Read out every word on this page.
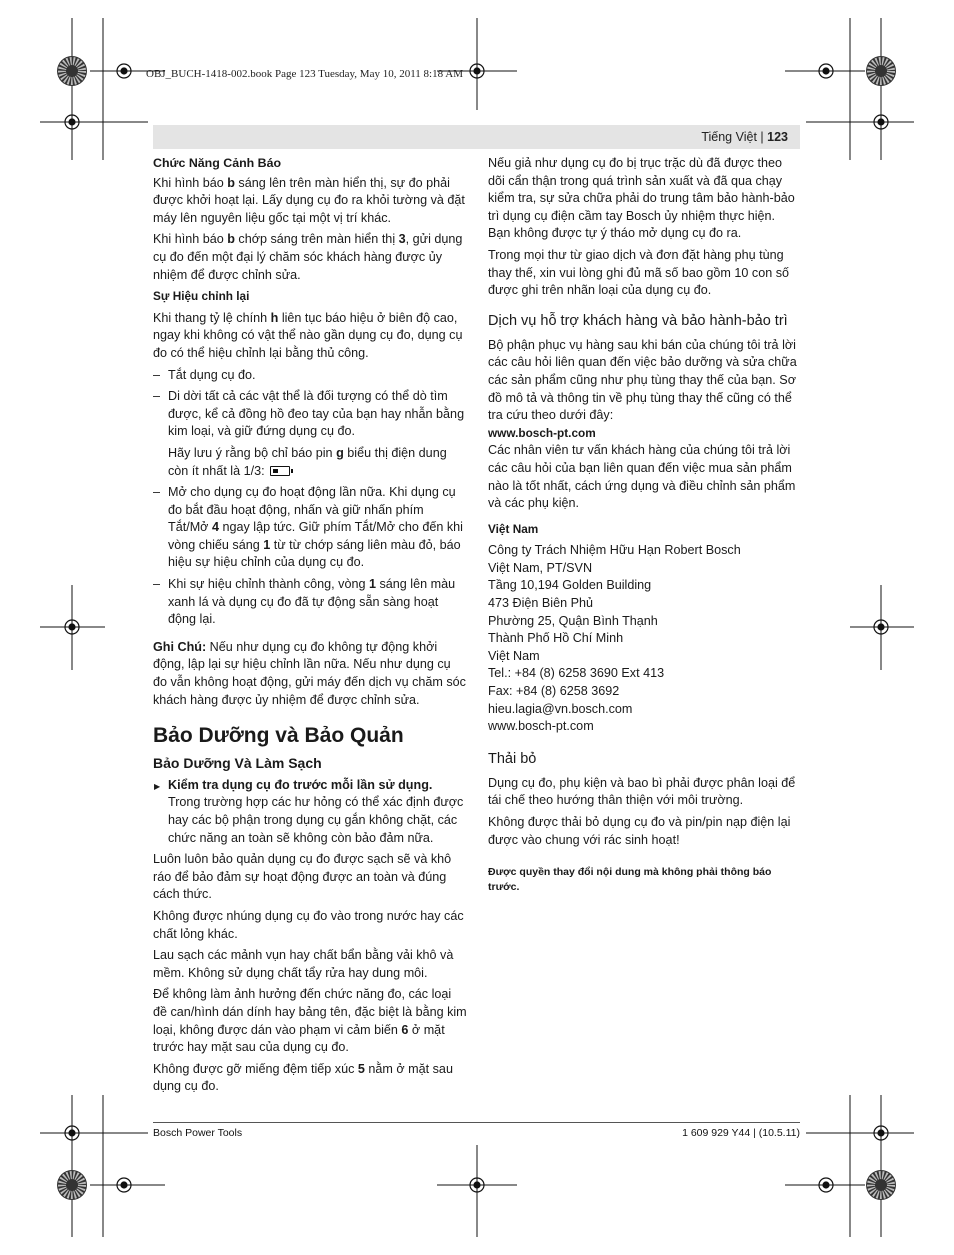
OBJ_BUCH-1418-002.book Page 123 Tuesday, May 10, 2011 8:18 AM
Tiếng Việt | 123
Chức Năng Cảnh Báo

Khi hình báo b sáng lên trên màn hiển thị, sự đo phải được khởi hoạt lại. Lấy dụng cụ đo ra khỏi tường và đặt máy lên nguyên liệu gốc tại một vị trí khác.

Khi hình báo b chớp sáng trên màn hiển thị 3, gửi dụng cụ đo đến một đại lý chăm sóc khách hàng được ủy nhiệm để được chỉnh sửa.

Sự Hiệu chỉnh lại

Khi thang tỷ lệ chính h liên tục báo hiệu ở biên độ cao, ngay khi không có vật thể nào gần dụng cụ đo, dụng cụ đo có thể hiệu chỉnh lại bằng thủ công.

– Tắt dụng cụ đo.

– Di dời tất cả các vật thể là đối tượng có thể dò tìm được, kể cả đồng hồ đeo tay của bạn hay nhẫn bằng kim loại, và giữ đứng dụng cụ đo.

Hãy lưu ý rằng bộ chỉ báo pin g biểu thị điện dung còn ít nhất là 1/3:

– Mở cho dụng cụ đo hoạt động lần nữa. Khi dụng cụ đo bắt đầu hoạt động, nhấn và giữ nhấn phím Tắt/Mở 4 ngay lập tức. Giữ phím Tắt/Mở cho đến khi vòng chiếu sáng 1 từ từ chớp sáng liên màu đỏ, báo hiệu sự hiệu chỉnh của dụng cụ đo.

– Khi sự hiệu chỉnh thành công, vòng 1 sáng lên màu xanh lá và dụng cụ đo đã tự động sẵn sàng hoạt động lại.

Ghi Chú: Nếu như dụng cụ đo không tự động khởi động, lập lại sự hiệu chỉnh lần nữa. Nếu như dụng cụ đo vẫn không hoạt động, gửi máy đến dịch vụ chăm sóc khách hàng được ủy nhiệm để được chỉnh sửa.

Bảo Dưỡng và Bảo Quản
Bảo Dưỡng Và Làm Sạch

▶ Kiểm tra dụng cụ đo trước mỗi lần sử dụng.
Trong trường hợp các hư hỏng có thể xác định được hay các bộ phận trong dụng cụ gắn không chặt, các chức năng an toàn sẽ không còn bảo đảm nữa.

Luôn luôn bảo quản dụng cụ đo được sạch sẽ và khô ráo để bảo đảm sự hoạt động được an toàn và đúng cách thức.

Không được nhúng dụng cụ đo vào trong nước hay các chất lỏng khác.

Lau sạch các mảnh vụn hay chất bẩn bằng vải khô và mềm. Không sử dụng chất tẩy rửa hay dung môi.

Để không làm ảnh hưởng đến chức năng đo, các loại đề can/hình dán dính hay bảng tên, đặc biệt là bằng kim loại, không được dán vào phạm vi cảm biến 6 ở mặt trước hay mặt sau của dụng cụ đo.

Không được gỡ miếng đệm tiếp xúc 5 nằm ở mặt sau dụng cụ đo.

Nếu giả như dụng cụ đo bị trục trặc dù đã được theo dõi cẩn thận trong quá trình sản xuất và đã qua chạy kiểm tra, sự sửa chữa phải do trung tâm bảo hành-bảo trì dụng cụ điện cầm tay Bosch ủy nhiệm thực hiện. Bạn không được tự ý tháo mở dụng cụ đo ra.

Trong mọi thư từ giao dịch và đơn đặt hàng phụ tùng thay thế, xin vui lòng ghi đủ mã số bao gồm 10 con số được ghi trên nhãn loại của dụng cụ đo.

Dịch vụ hỗ trợ khách hàng và bảo hành-bảo trì

Bộ phận phục vụ hàng sau khi bán của chúng tôi trả lời các câu hỏi liên quan đến việc bảo dưỡng và sửa chữa các sản phẩm cũng như phụ tùng thay thế của bạn. Sơ đồ mô tả và thông tin về phụ tùng thay thế cũng có thể tra cứu theo dưới đây:

www.bosch-pt.com

Các nhân viên tư vấn khách hàng của chúng tôi trả lời các câu hỏi của bạn liên quan đến việc mua sản phẩm nào là tốt nhất, cách ứng dụng và điều chỉnh sản phẩm và các phụ kiện.

Việt Nam

Công ty Trách Nhiệm Hữu Hạn Robert Bosch

Việt Nam, PT/SVN

Tầng 10,194 Golden Building

473 Điện Biên Phủ

Phường 25, Quận Bình Thạnh

Thành Phố Hồ Chí Minh

Việt Nam

Tel.: +84 (8) 6258 3690 Ext 413

Fax: +84 (8) 6258 3692

hieu.lagia@vn.bosch.com

www.bosch-pt.com

Thải bỏ

Dụng cụ đo, phụ kiện và bao bì phải được phân loại để tái chế theo hướng thân thiện với môi trường.

Không được thải bỏ dụng cụ đo và pin/pin nạp điện lại được vào chung với rác sinh hoạt!

Được quyền thay đổi nội dung mà không phải thông báo trước.
Bosch Power Tools	1 609 929 Y44 | (10.5.11)
